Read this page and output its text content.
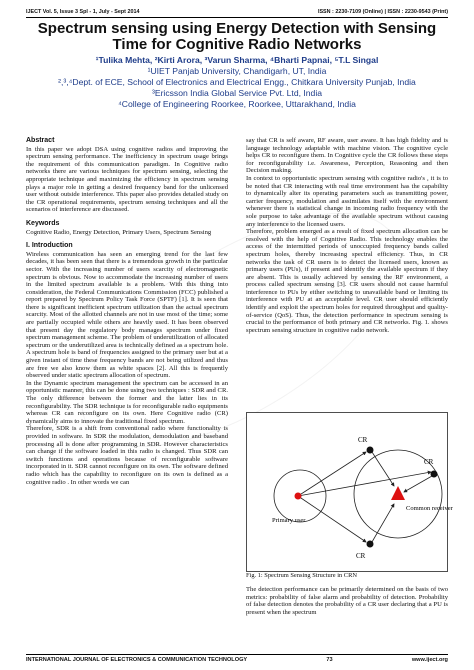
IJECT Vol. 5, Issue 3 Spl - 1, July - Sept 2014	ISSN : 2230-7109 (Online) | ISSN : 2230-9543 (Print)
Spectrum sensing using Energy Detection with Sensing Time for Cognitive Radio Networks
¹Tulika Mehta, ²Kirti Arora, ³Varun Sharma, ⁴Bharti Papnai, ⁵T.L Singal
¹UIET Panjab University, Chandigarh, UT, India
²,³,⁴Dept. of ECE, School of Electronics and Electrical Engg., Chitkara University Punjab, India
³Ericsson India Global Service Pvt. Ltd, India
⁴College of Engineering Roorkee, Roorkee, Uttarakhand, India
Abstract

In this paper we adopt DSA using cognitive radios and improving the spectrum sensing performance. The inefficiency in spectrum usage brings the requirement of this communication paradigm. In Cognitive radio networks there are various techniques for spectrum sensing, selecting the appropriate technique and maximizing the efficiency in spectrum sensing plays a major role in getting a desired frequency band for the unlicensed user without outside interference. This paper also provides detailed study on the CR operational requirements, spectrum sensing techniques and all the scenarios of interference are discussed.

Keywords

Cognitive Radio, Energy Detection, Primary Users, Spectrum Sensing

I. Introduction

Wireless communication has seen an emerging trend for the last few decades, it has been seen that there is a tremendous growth in the particular sector. With the increasing number of users scarcity of electromagnetic spectrum is obvious. Now to accommodate the increasing number of users in the limited spectrum available is a problem. With this thing into consideration, the Federal Communications Commission (FCC) published a report prepared by Spectrum Policy Task Force (SPTF) [1]. It is seen that there is significant inefficient spectrum utilization than the actual spectrum scarcity. Most of the allotted channels are not in use most of the time; some are partially occupied while others are heavily used. It has been observed that present day the regulatory body manages spectrum under fixed spectrum management scheme. The problem of underutilization of allocated spectrum or the underutilized area is technically defined as a spectrum hole. A spectrum hole is band of frequencies assigned to the primary user but at a given instant of time these frequency bands are not being utilized and thus are free we also know them as white spaces [2]. All this is frequently observed under static spectrum allocation of spectrum.

In the Dynamic spectrum management the spectrum can be accessed in an opportunistic manner, this can be done using two techniques : SDR and CR. The only difference between the former and the latter lies in its reconfigurability. The SDR technique is for reconfigurable radio equipments whereas CR can reconfigure on its own. Here Cognitive radio (CR) dynamically aims to innovate the traditional fixed spectrum.

Therefore, SDR is a shift from conventional radio where functionality is provided in software. In SDR the modulation, demodulation and baseband processing all is done after programming in SDR. However characteristics can change if the software loaded in this radio is changed. Thus SDR can switch functions and operations because of reconfigurable software incorporated in it. SDR cannot reconfigure on its own. The software defined radio which has the capability to reconfigure on its own is defined as a cognitive radio . In other words we can

say that CR is self aware, RF aware, user aware. It has high fidelity and is language technology adaptable with machine vision. The cognitive cycle helps CR to reconfigure them. In Cognitive cycle the CR follows these steps for reconfigurability i.e. Awareness, Perception, Reasoning and then Decision making.

In context to opportunistic spectrum sensing with cognitive radio's , it is to be noted that CR interacting with real time environment has the capability to dynamically alter its operating parameters such as transmitting power, carrier frequency, modulation and assimilates itself with the environment whenever there is statistical change in incoming radio frequency with the sole purpose to take advantage of the available spectrum without causing any interference to the licensed users.

Therefore, problem emerged as a result of fixed spectrum allocation can be resolved with the help of Cognitive Radio. This technology enables the access of the intermitted periods of unoccupied frequency bands called spectrum holes, thereby increasing spectral efficiency. Thus, in CR networks the task of CR users is to detect the licensed users, known as primary users (PUs), if present and identify the available spectrum if they are absent. This is usually achieved by sensing the RF environment, a process called spectrum sensing [3]. CR users should not cause harmful interference to PUs by either switching to unavailable band or limiting its interference with PU at an acceptable level. CR user should efficiently identify and exploit the spectrum holes for required throughput and quality-of-service (QoS). Thus, the detection performance in spectrum sensing is crucial to the performance of both primary and CR networks. Fig. 1. shows spectrum sensing structure in cognitive radio network.

Primary user
CR
CR
CR
Common receiver
Fig. 1: Spectrum Sensing Structure in CRN
The detection performance can be primarily determined on the basis of two metrics: probability of false alarm and probability of detection. Probability of false detection denotes the probability of a CR user declaring that a PU is present when the spectrum
INTERNATIONAL JOURNAL OF ELECTRONICS & COMMUNICATION TECHNOLOGY	73	www.iject.org
